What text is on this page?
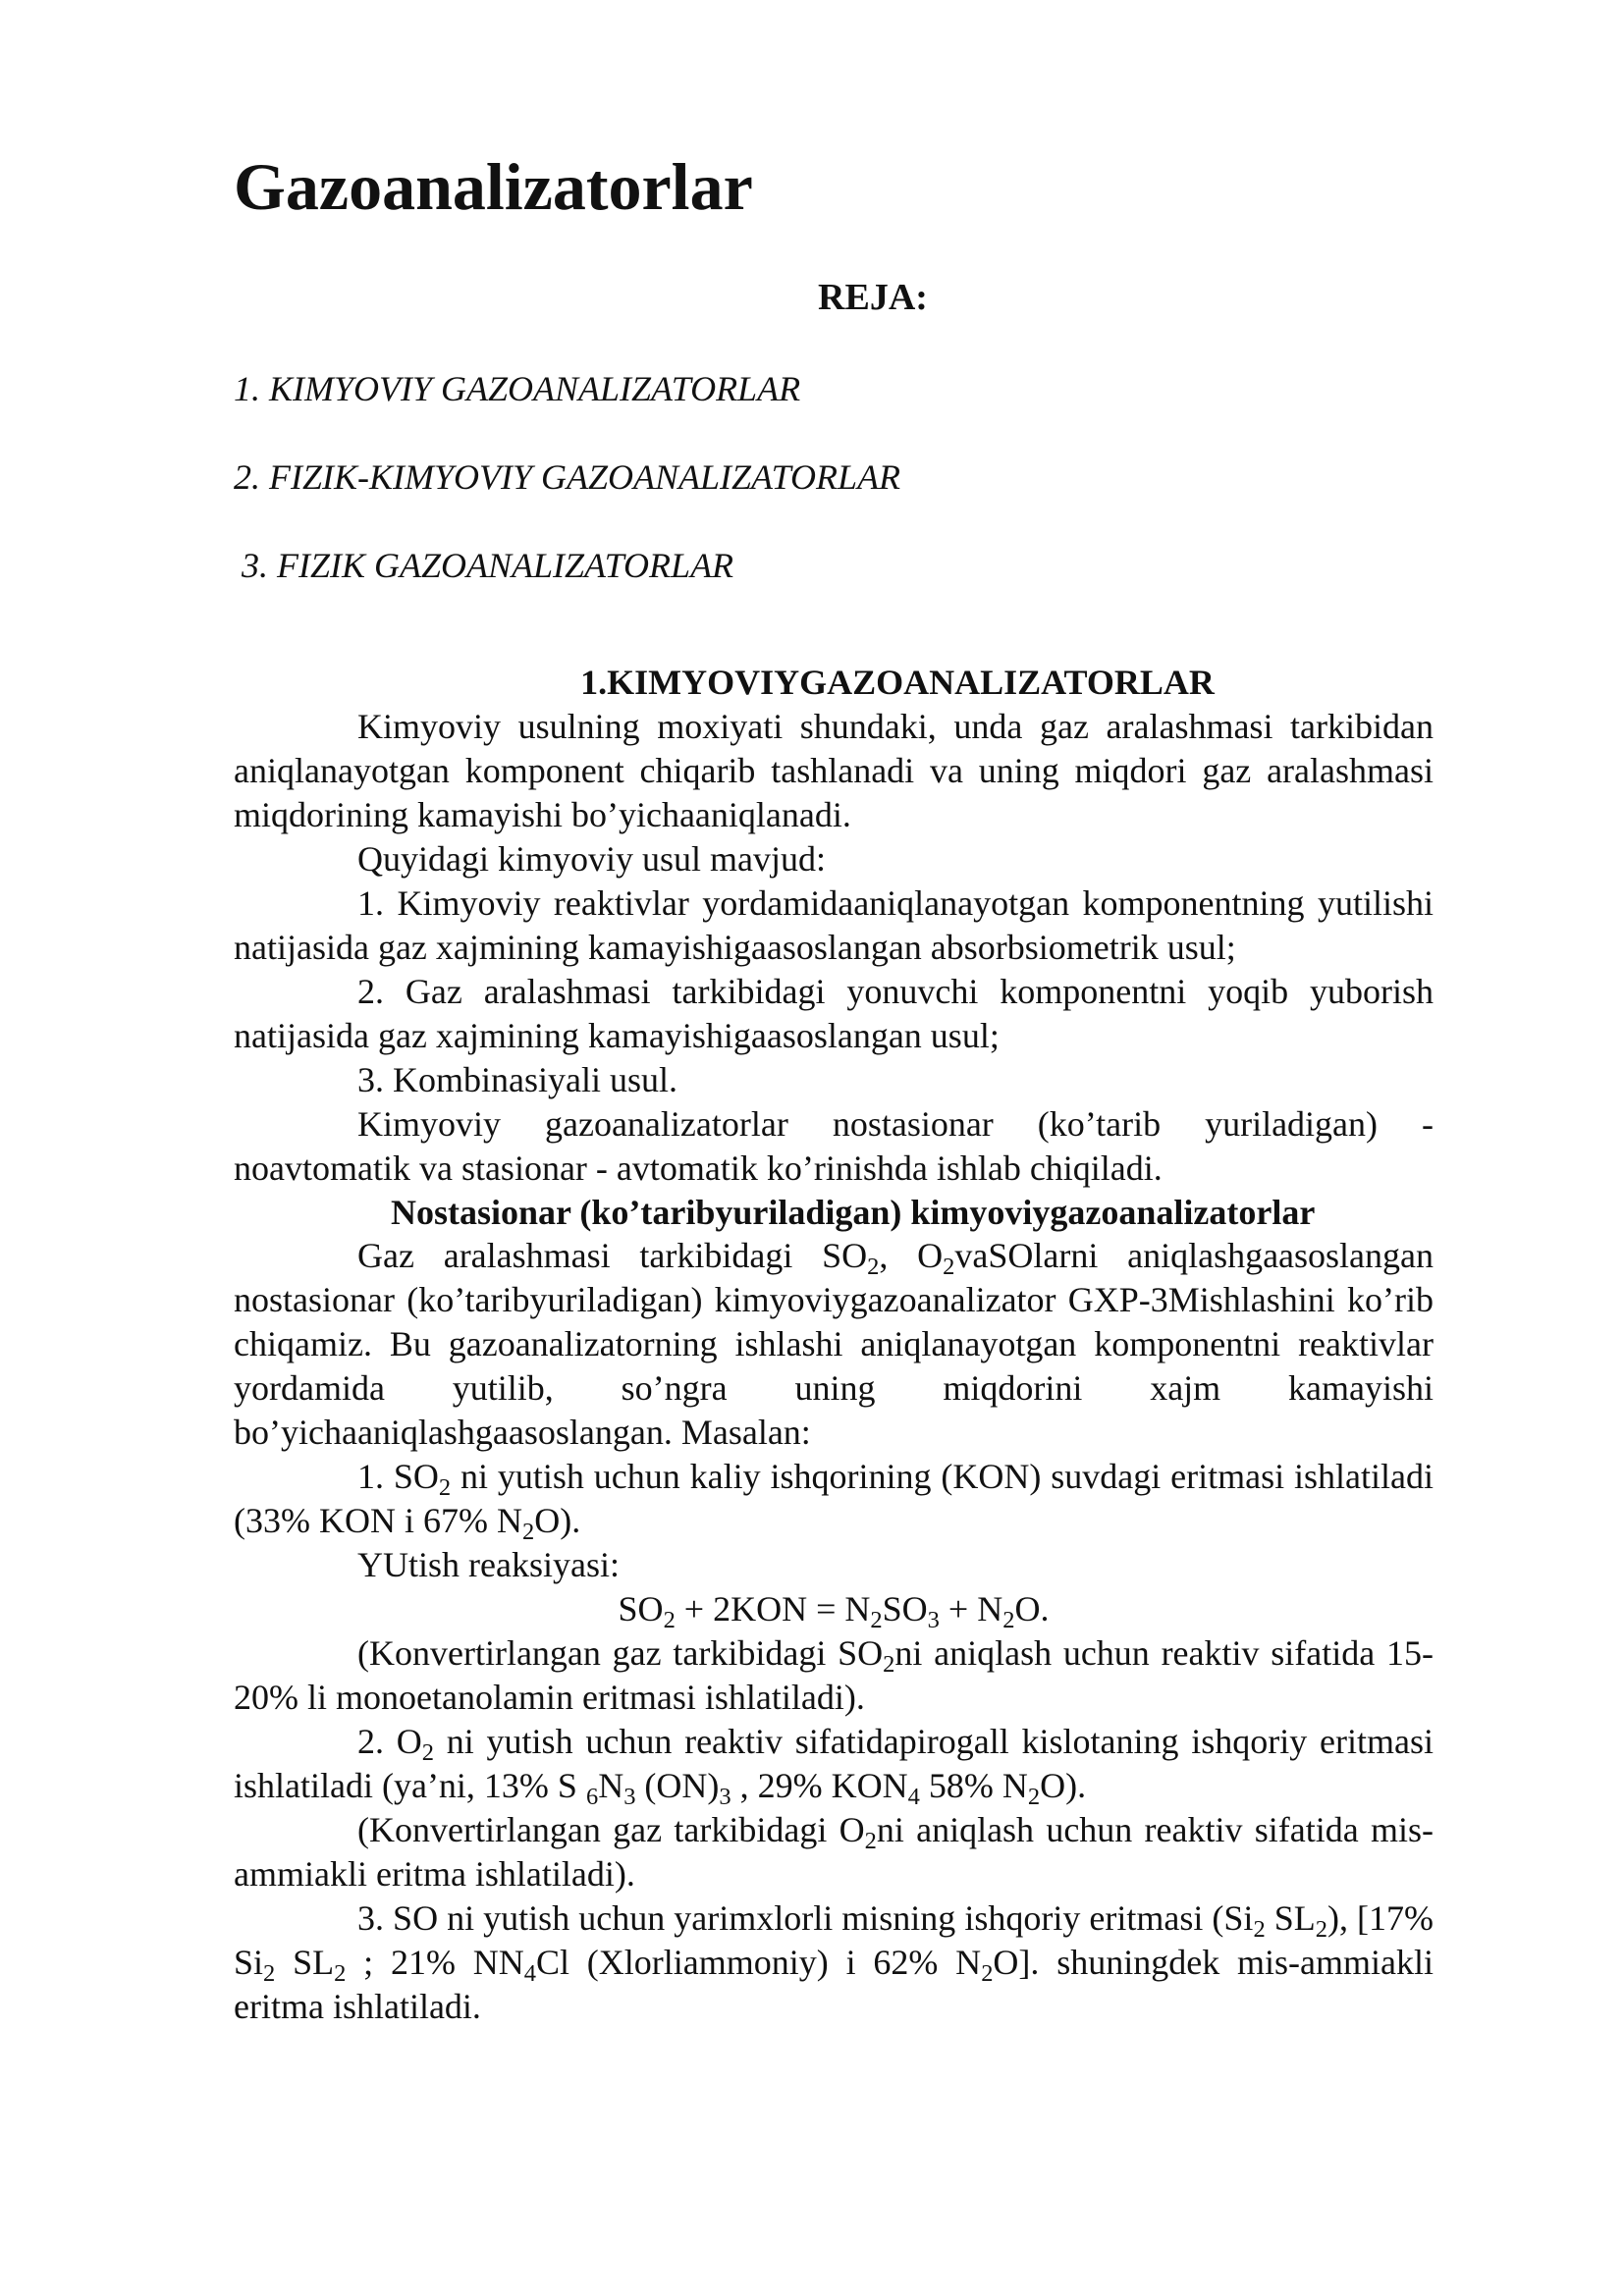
Gazoanalizatorlar
REJA:
1. KIMYOVIY GAZOANALIZATORLAR
2. FIZIK-KIMYOVIY GAZOANALIZATORLAR
3. FIZIK GAZOANALIZATORLAR
1.KIMYOVIYGAZOANALIZATORLAR

Kimyoviy usulning moxiyati shundaki, unda gaz aralashmasi tarkibidan aniqlanayotgan komponent chiqarib tashlanadi va uning miqdori gaz aralashmasi miqdorining kamayishi bo’yichaaniqlanadi.

Quyidagi kimyoviy usul mavjud:

1. Kimyoviy reaktivlar yordamidaaniqlanayotgan komponentning yutilishi natijasida gaz xajmining kamayishigaasoslangan absorbsiometrik usul;

2. Gaz aralashmasi tarkibidagi yonuvchi komponentni yoqib yuborish natijasida gaz xajmining kamayishigaasoslangan usul;

3. Kombinasiyali usul.

Kimyoviy gazoanalizatorlar nostasionar (ko’tarib yuriladigan) - noavtomatik va stasionar - avtomatik ko’rinishda ishlab chiqiladi.

Nostasionar (ko’taribyuriladigan) kimyoviygazoanalizatorlar

Gaz aralashmasi tarkibidagi $SO_2$, $O_2vaSOlarni$ aniqlashgaasoslangan nostasionar (ko’taribyuriladigan) kimyoviygazoanalizator GXP-3Mishlashini ko’rib chiqamiz. Bu gazoanalizatorning ishlashi aniqlanayotgan komponentni reaktivlar yordamida yutilib, so’ngra uning miqdorini xajm kamayishi bo’yichaaniqlashgaasoslangan. Masalan:

1. $SO_2$ ni yutish uchun kaliy ishqorining (KON) suvdagi eritmasi ishlatiladi (33% KON i 67% $N_2O$).

YUtish reaksiyasi:

$SO_2 + 2KON = N_2SO_3 + N_2O$.

(Konvertirlangan gaz tarkibidagi $SO_2ni$ aniqlash uchun reaktiv sifatida 15-20% li monoetanolamin eritmasi ishlatiladi).

2. $O_2$ ni yutish uchun reaktiv sifatidapirogall kislotaning ishqoriy eritmasi ishlatiladi (ya’ni, 13% S $_6N_3$ $(ON)_3$ , 29% $KON_4$ 58% $N_2O$).

(Konvertirlangan gaz tarkibidagi $O_2ni$ aniqlash uchun reaktiv sifatida mis-ammiakli eritma ishlatiladi).

3. SO ni yutish uchun yarimxlorli misning ishqoriy eritmasi ($Si_2$ $SL_2$), [17% $Si_2$ $SL_2$ ; 21% $NN_4Cl$ (Xlorliammoniy) i 62% $N_2O$]. shuningdek mis-ammiakli eritma ishlatiladi.
